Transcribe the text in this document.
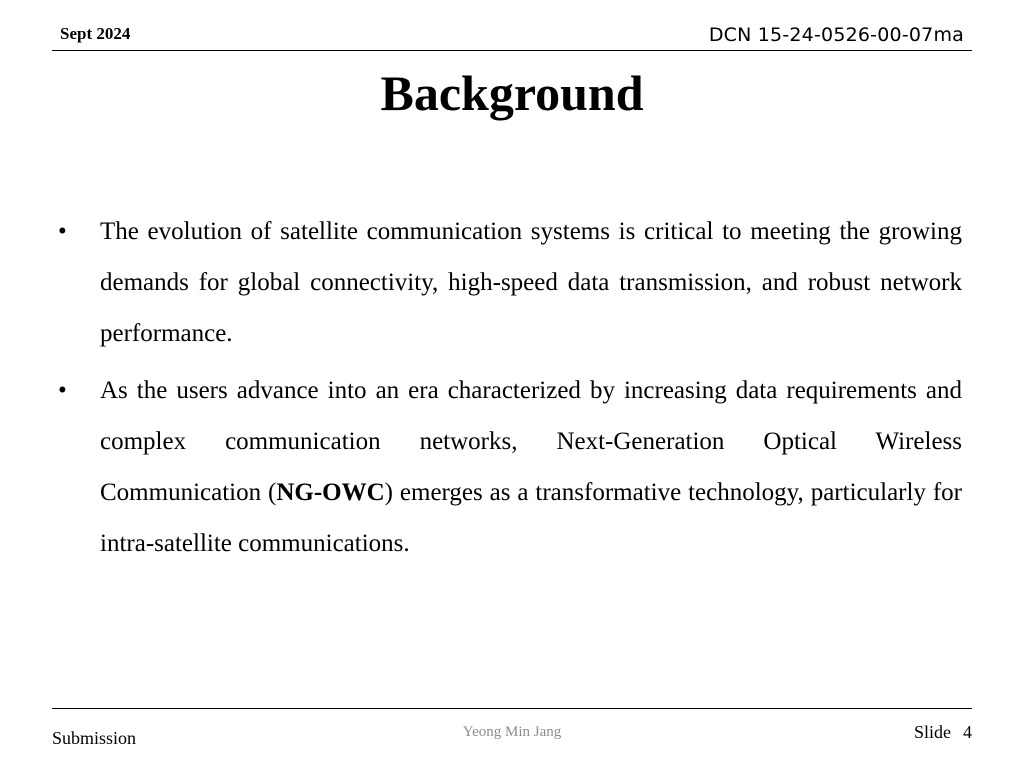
Sept 2024	DCN 15-24-0526-00-07ma
Background
•	The evolution of satellite communication systems is critical to meeting the growing demands for global connectivity, high-speed data transmission, and robust network performance.
•	As the users advance into an era characterized by increasing data requirements and complex communication networks, Next-Generation Optical Wireless Communication (NG-OWC) emerges as a transformative technology, particularly for intra-satellite communications.
Submission	Yeong Min Jang	Slide 4
